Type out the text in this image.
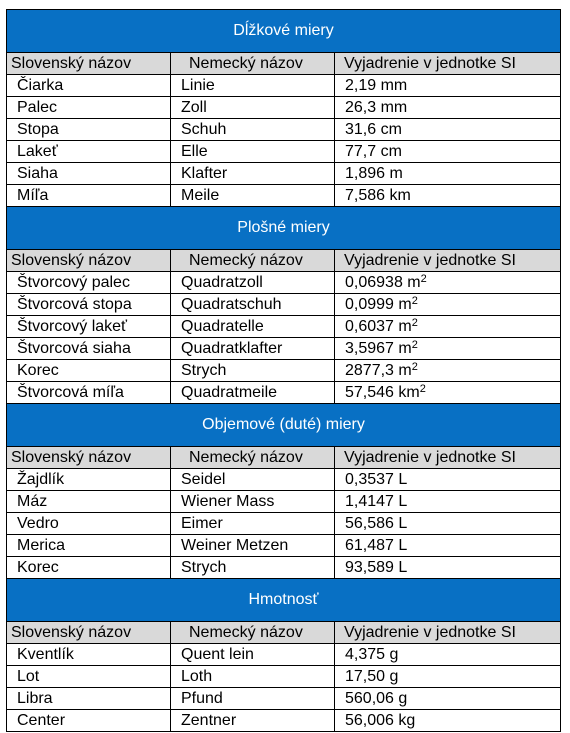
Dĺžkové miery		
Slovenský názov	Nemecký názov	Vyjadrenie v jednotke SI
Čiarka	Linie	2,19 mm
Palec	Zoll	26,3 mm
Stopa	Schuh	31,6 cm
Lakeť	Elle	77,7 cm
Siaha	Klafter	1,896 m
Míľa	Meile	7,586 km
Plošné miery		
Slovenský názov	Nemecký názov	Vyjadrenie v jednotke SI
Štvorcový palec	Quadratzoll	0,06938 $m^2$
Štvorcová stopa	Quadratschuh	0,0999 $m^2$
Štvorcový lakeť	Quadratelle	0,6037 $m^2$
Štvorcová siaha	Quadratklafter	3,5967 $m^2$
Korec	Strych	2877,3 $m^2$
Štvorcová míľa	Quadratmeile	57,546 $km^2$
Objemové (duté) miery		
Slovenský názov	Nemecký názov	Vyjadrenie v jednotke SI
Žajdlík	Seidel	0,3537 L
Máz	Wiener Mass	1,4147 L
Vedro	Eimer	56,586 L
Merica	Weiner Metzen	61,487 L
Korec	Strych	93,589 L
Hmotnosť		
Slovenský názov	Nemecký názov	Vyjadrenie v jednotke SI
Kventlík	Quent lein	4,375 g
Lot	Loth	17,50 g
Libra	Pfund	560,06 g
Center	Zentner	56,006 kg
